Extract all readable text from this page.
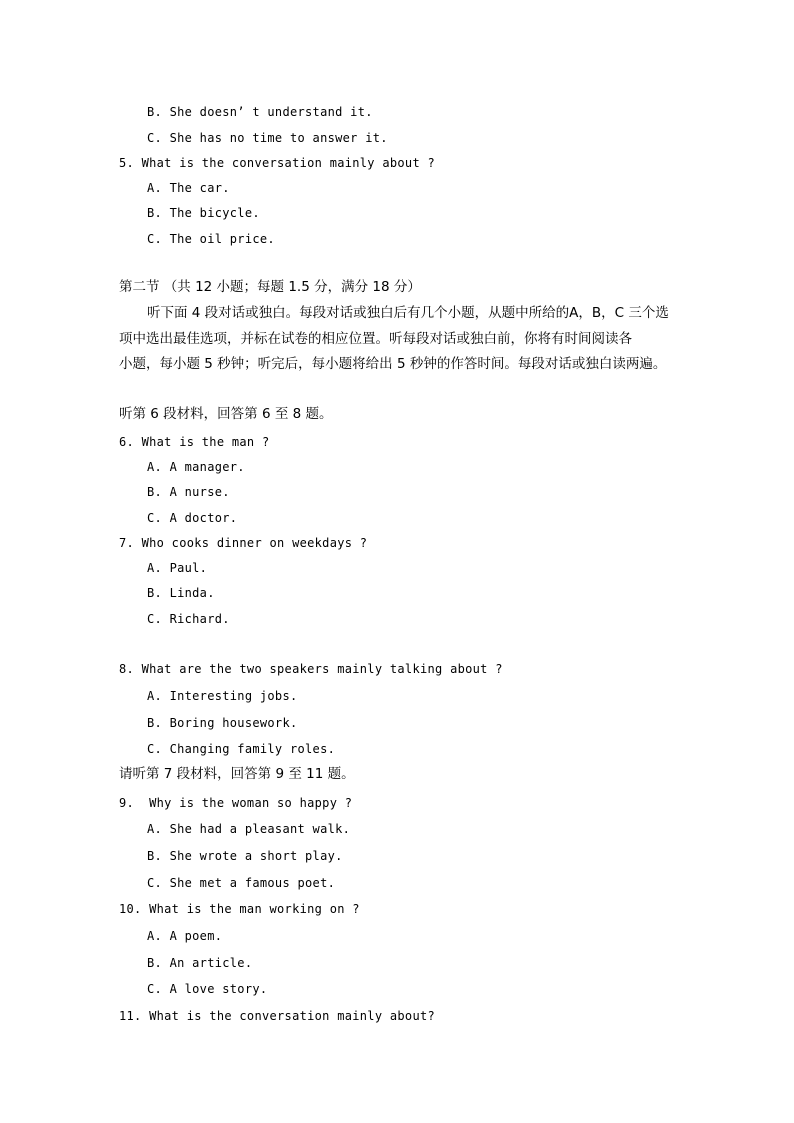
B. She doesn’ t understand it.
C. She has no time to answer it.
5. What is the conversation mainly about ?
A. The car.
B. The bicycle.
C. The oil price.
第二节 （共 12 小题；每题 1.5 分，满分 18 分）
听下面 4 段对话或独白。每段对话或独白后有几个小题，从题中所给的A，B，C 三个选
项中选出最佳选项，并标在试卷的相应位置。听每段对话或独白前，你将有时间阅读各
小题，每小题 5 秒钟；听完后，每小题将给出 5 秒钟的作答时间。每段对话或独白读两遍。
听第 6 段材料，回答第 6 至 8 题。
6. What is the man ?
A. A manager.
B. A nurse.
C. A doctor.
7. Who cooks dinner on weekdays ?
A. Paul.
B. Linda.
C. Richard.
8. What are the two speakers mainly talking about ?
A. Interesting jobs.
B. Boring housework.
C. Changing family roles.
请听第 7 段材料，回答第 9 至 11 题。
9.  Why is the woman so happy ?
A. She had a pleasant walk.
B. She wrote a short play.
C. She met a famous poet.
10. What is the man working on ?
A. A poem.
B. An article.
C. A love story.
11. What is the conversation mainly about?
